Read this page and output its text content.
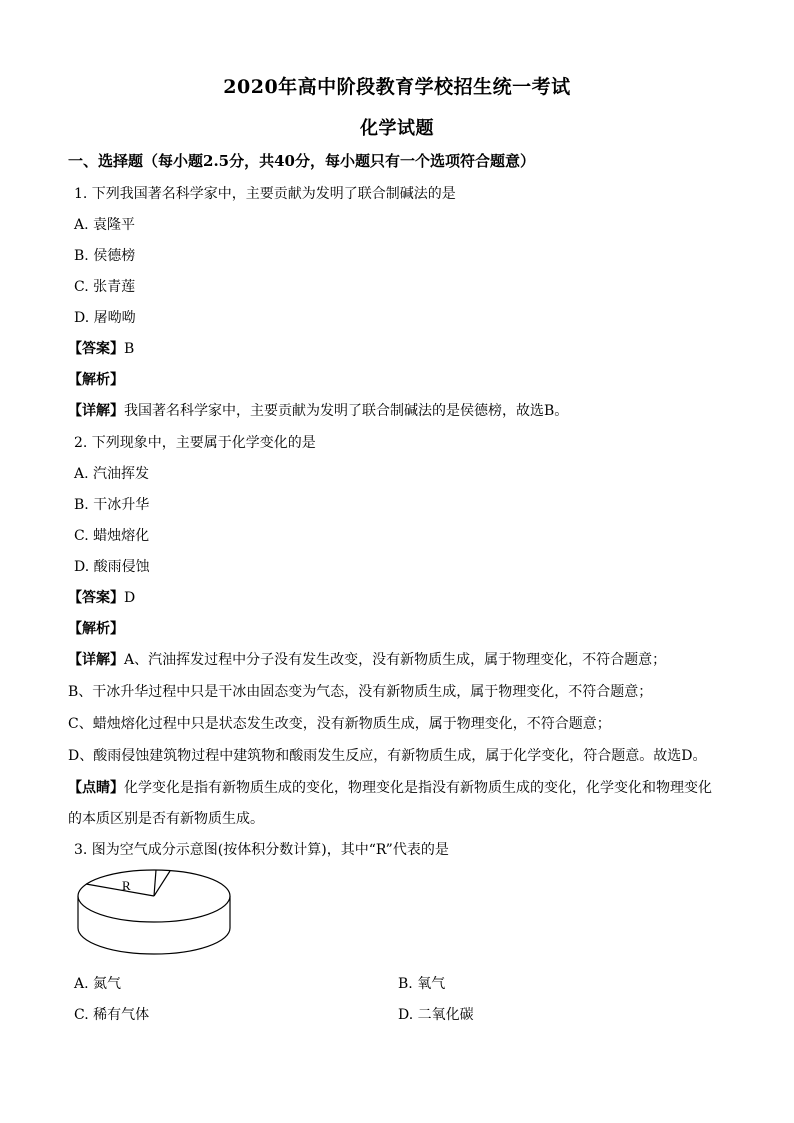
2020年高中阶段教育学校招生统一考试
化学试题
一、选择题（每小题2.5分，共40分，每小题只有一个选项符合题意）
1. 下列我国著名科学家中，主要贡献为发明了联合制碱法的是
A. 袁隆平
B. 侯德榜
C. 张青莲
D. 屠呦呦
【答案】B
【解析】
【详解】我国著名科学家中，主要贡献为发明了联合制碱法的是侯德榜，故选B。
2. 下列现象中，主要属于化学变化的是
A. 汽油挥发
B. 干冰升华
C. 蜡烛熔化
D. 酸雨侵蚀
【答案】D
【解析】
【详解】A、汽油挥发过程中分子没有发生改变，没有新物质生成，属于物理变化，不符合题意；
B、干冰升华过程中只是干冰由固态变为气态，没有新物质生成，属于物理变化，不符合题意；
C、蜡烛熔化过程中只是状态发生改变，没有新物质生成，属于物理变化，不符合题意；
D、酸雨侵蚀建筑物过程中建筑物和酸雨发生反应，有新物质生成，属于化学变化，符合题意。故选D。
【点睛】化学变化是指有新物质生成的变化，物理变化是指没有新物质生成的变化，化学变化和物理变化
的本质区别是否有新物质生成。
3. 图为空气成分示意图(按体积分数计算)，其中“R”代表的是
R
A. 氮气	B. 氧气
C. 稀有气体	D. 二氧化碳
